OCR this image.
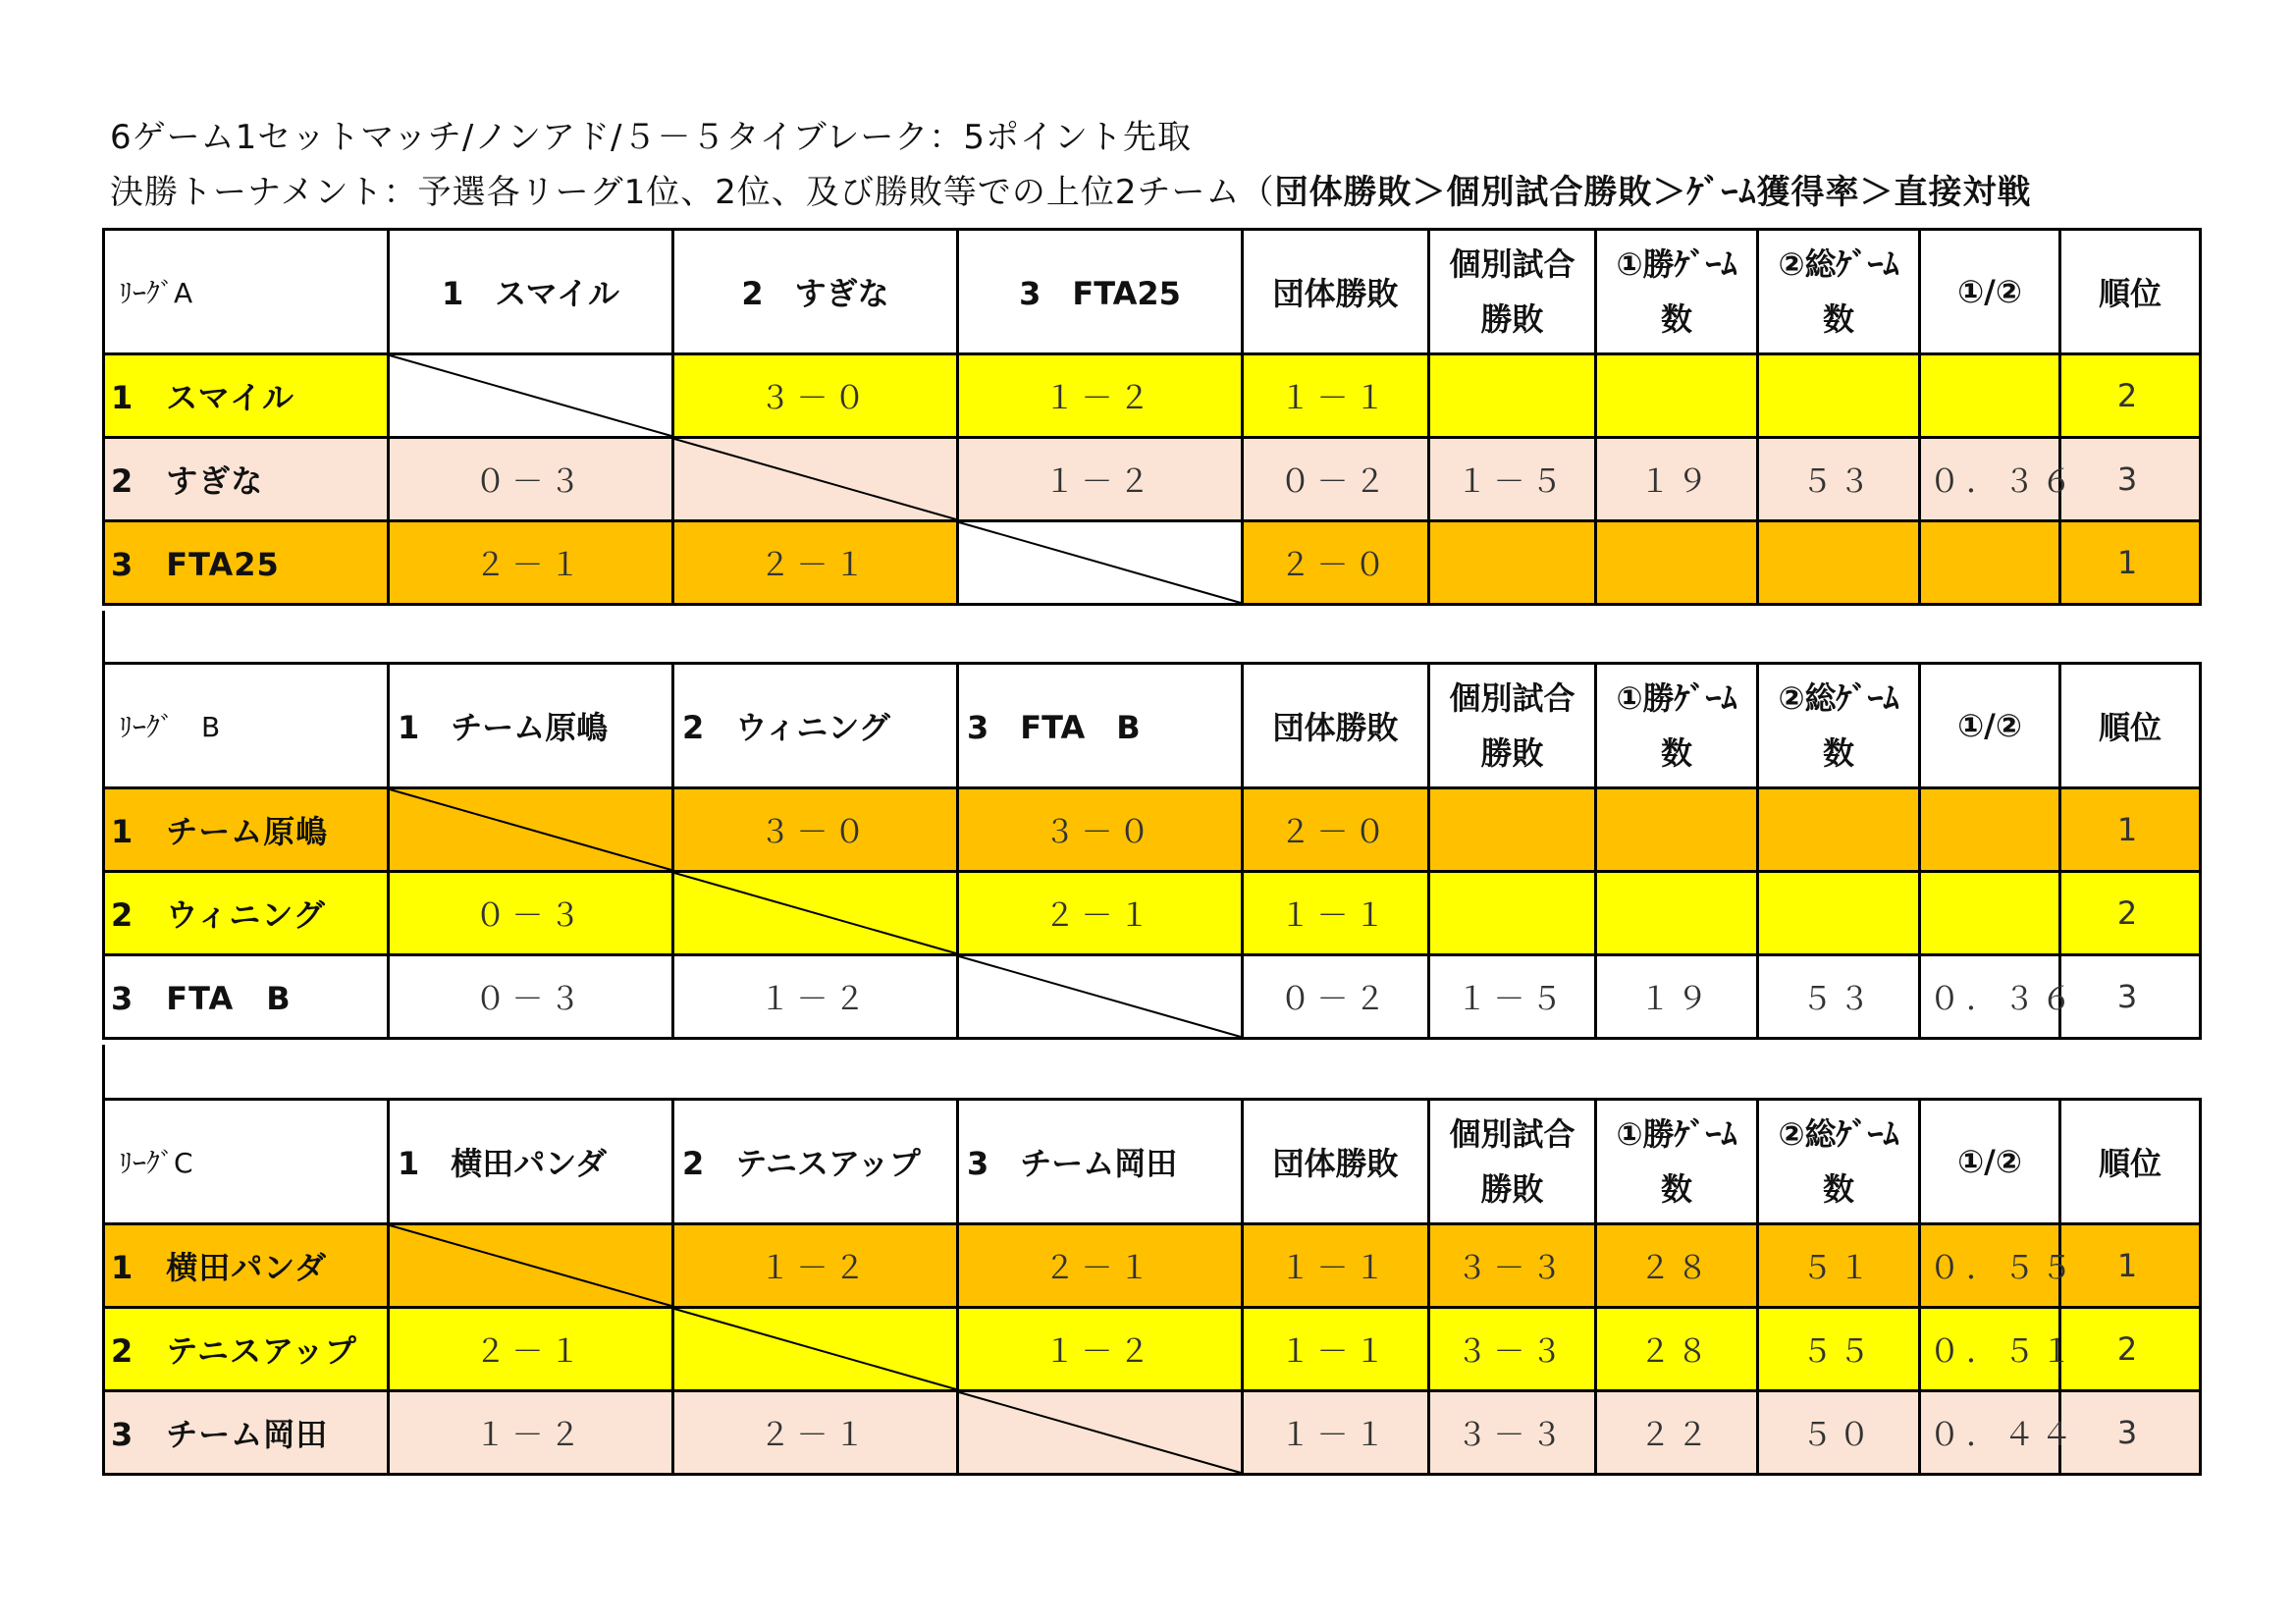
6ゲーム1セットマッチ/ノンアド/５－５タイブレーク：5ポイント先取
決勝トーナメント：予選各リーグ1位、2位、及び勝敗等での上位2チーム（団体勝敗＞個別試合勝敗＞ｹﾞｰﾑ獲得率＞直接対戦
ﾘｰｸﾞA	1　スマイル	2　すぎな	3　FTA25	団体勝敗	個別試合勝敗	①勝ｹﾞｰﾑ数	②総ｹﾞｰﾑ数	①/②	順位
1　スマイル		３－０	１－２	１－１					2
2　すぎな	０－３		１－２	０－２	１－５	１９	５３	０．３６	3
3　FTA25	２－１	２－１		２－０					1
ﾘｰｸﾞ　B	1　チーム原嶋	2　ウィニング	3　FTA　B	団体勝敗	個別試合勝敗	①勝ｹﾞｰﾑ数	②総ｹﾞｰﾑ数	①/②	順位
1　チーム原嶋		３－０	３－０	２－０					1
2　ウィニング	０－３		２－１	１－１					2
3　FTA　B	０－３	１－２		０－２	１－５	１９	５３	０．３６	3
ﾘｰｸﾞC	1　横田パンダ	2　テニスアップ	3　チーム岡田	団体勝敗	個別試合勝敗	①勝ｹﾞｰﾑ数	②総ｹﾞｰﾑ数	①/②	順位
1　横田パンダ		１－２	２－１	１－１	３－３	２８	５１	０．５５	1
2　テニスアップ	２－１		１－２	１－１	３－３	２８	５５	０．５１	2
3　チーム岡田	１－２	２－１		１－１	３－３	２２	５０	０．４４	3
